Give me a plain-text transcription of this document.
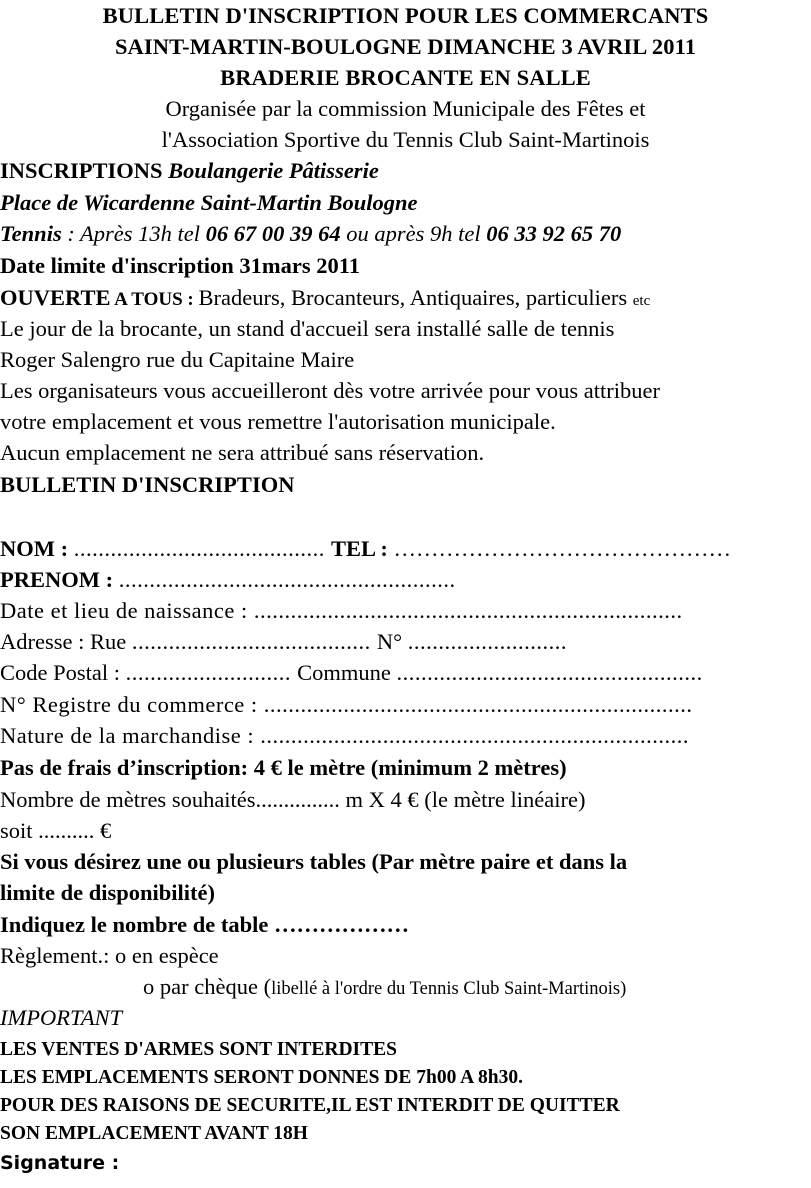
BULLETIN D'INSCRIPTION POUR LES COMMERCANTS
SAINT-MARTIN-BOULOGNE DIMANCHE 3 AVRIL 2011
BRADERIE BROCANTE EN SALLE
Organisée par la commission Municipale des Fêtes et
l'Association Sportive du Tennis Club Saint-Martinois
INSCRIPTIONS Boulangerie Pâtisserie
Place de Wicardenne Saint-Martin Boulogne
Tennis : Après 13h tel 06 67 00 39 64 ou après 9h tel 06 33 92 65 70
Date limite d'inscription 31mars 2011
OUVERTE A TOUS : Bradeurs, Brocanteurs, Antiquaires, particuliers etc
Le jour de la brocante, un stand d'accueil sera installé salle de tennis
Roger Salengro rue du Capitaine Maire
Les organisateurs vous accueilleront dès votre arrivée pour vous attribuer
votre emplacement et vous remettre l'autorisation municipale.
Aucun emplacement ne sera attribué sans réservation.
BULLETIN D'INSCRIPTION
NOM : ......................................... TEL : ………………………………………
PRENOM : .......................................................
Date et lieu de naissance : ......................................................................
Adresse : Rue ....................................... N° ..........................
Code Postal : ........................... Commune ..................................................
N° Registre du commerce : ......................................................................
Nature de la marchandise : ......................................................................
Pas de frais d’inscription: 4 € le mètre (minimum 2 mètres)
Nombre de mètres souhaités............... m X 4 € (le mètre linéaire)
soit .......... €
Si vous désirez une ou plusieurs tables (Par mètre paire et dans la
limite de disponibilité)
Indiquez le nombre de table ………………
Règlement.: o en espèce
o par chèque (libellé à l'ordre du Tennis Club Saint-Martinois)
IMPORTANT
LES VENTES D'ARMES SONT INTERDITES
LES EMPLACEMENTS SERONT DONNES DE 7h00 A 8h30.
POUR DES RAISONS DE SECURITE,IL EST INTERDIT DE QUITTER
SON EMPLACEMENT AVANT 18H
Signature :
